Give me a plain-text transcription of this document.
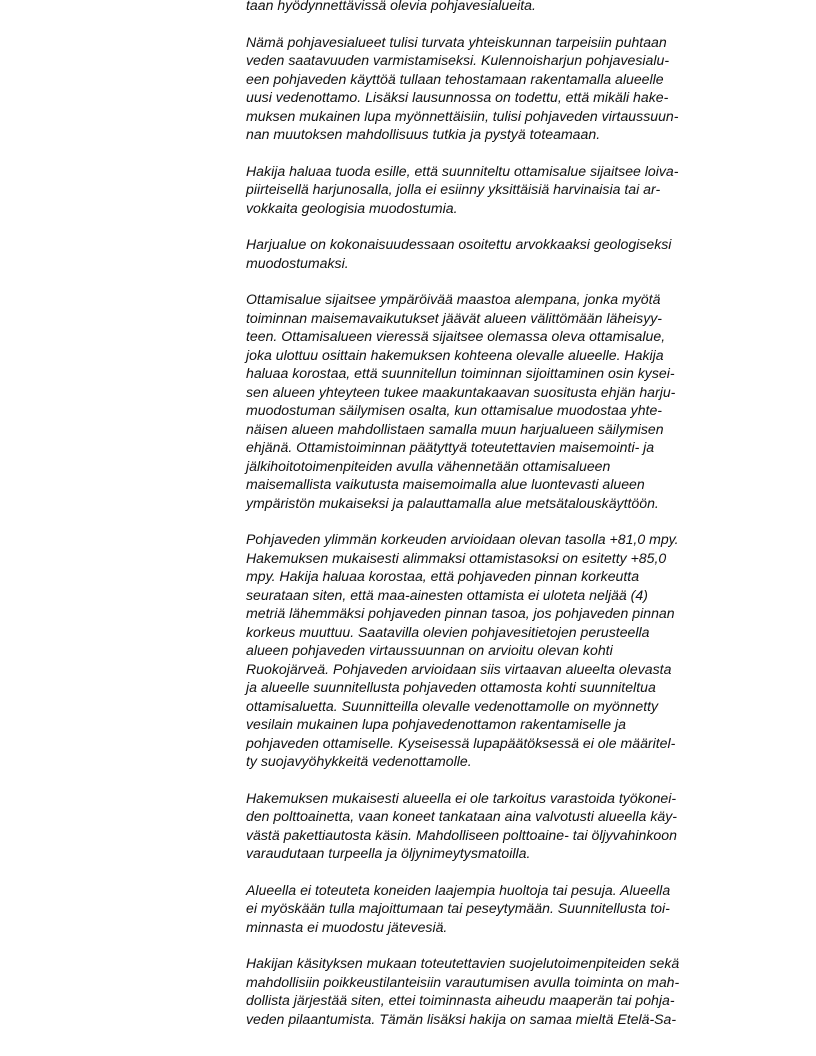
taan hyödynnettävissä olevia pohjavesialueita.
Nämä pohjavesialueet tulisi turvata yhteiskunnan tarpeisiin puhtaan
veden saatavuuden varmistamiseksi. Kulennoisharjun pohjavesialu-
een pohjaveden käyttöä tullaan tehostamaan rakentamalla alueelle
uusi vedenottamo. Lisäksi lausunnossa on todettu, että mikäli hake-
muksen mukainen lupa myönnettäisiin, tulisi pohjaveden virtaussuun-
nan muutoksen mahdollisuus tutkia ja pystyä toteamaan.
Hakija haluaa tuoda esille, että suunniteltu ottamisalue sijaitsee loiva-
piirteisellä harjunosalla, jolla ei esiinny yksittäisiä harvinaisia tai ar-
vokkaita geologisia muodostumia.
Harjualue on kokonaisuudessaan osoitettu arvokkaaksi geologiseksi
muodostumaksi.
Ottamisalue sijaitsee ympäröivää maastoa alempana, jonka myötä
toiminnan maisemavaikutukset jäävät alueen välittömään läheisyy-
teen. Ottamisalueen vieressä sijaitsee olemassa oleva ottamisalue,
joka ulottuu osittain hakemuksen kohteena olevalle alueelle. Hakija
haluaa korostaa, että suunnitellun toiminnan sijoittaminen osin kysei-
sen alueen yhteyteen tukee maakuntakaavan suositusta ehjän harju-
muodostuman säilymisen osalta, kun ottamisalue muodostaa yhte-
näisen alueen mahdollistaen samalla muun harjualueen säilymisen
ehjänä. Ottamistoiminnan päätyttyä toteutettavien maisemointi- ja
jälkihoitotoimenpiteiden avulla vähennetään ottamisalueen
maisemallista vaikutusta maisemoimalla alue luontevasti alueen
ympäristön mukaiseksi ja palauttamalla alue metsätalouskäyttöön.
Pohjaveden ylimmän korkeuden arvioidaan olevan tasolla +81,0 mpy.
Hakemuksen mukaisesti alimmaksi ottamistasoksi on esitetty +85,0
mpy. Hakija haluaa korostaa, että pohjaveden pinnan korkeutta
seurataan siten, että maa-ainesten ottamista ei uloteta neljää (4)
metriä lähemmäksi pohjaveden pinnan tasoa, jos pohjaveden pinnan
korkeus muuttuu. Saatavilla olevien pohjavesitietojen perusteella
alueen pohjaveden virtaussuunnan on arvioitu olevan kohti
Ruokojärveä. Pohjaveden arvioidaan siis virtaavan alueelta olevasta
ja alueelle suunnitellusta pohjaveden ottamosta kohti suunniteltua
ottamisaluetta. Suunnitteilla olevalle vedenottamolle on myönnetty
vesilain mukainen lupa pohjavedenottamon rakentamiselle ja
pohjaveden ottamiselle. Kyseisessä lupapäätöksessä ei ole määritel-
ty suojavyöhykkeitä vedenottamolle.
Hakemuksen mukaisesti alueella ei ole tarkoitus varastoida työkonei-
den polttoainetta, vaan koneet tankataan aina valvotusti alueella käy-
västä pakettiautosta käsin. Mahdolliseen polttoaine- tai öljyvahinkoon
varaudutaan turpeella ja öljynimeytysmatoilla.
Alueella ei toteuteta koneiden laajempia huoltoja tai pesuja. Alueella
ei myöskään tulla majoittumaan tai peseytymään. Suunnitellusta toi-
minnasta ei muodostu jätevesiä.
Hakijan käsityksen mukaan toteutettavien suojelutoimenpiteiden sekä
mahdollisiin poikkeustilanteisiin varautumisen avulla toiminta on mah-
dollista järjestää siten, ettei toiminnasta aiheudu maaperän tai pohja-
veden pilaantumista. Tämän lisäksi hakija on samaa mieltä Etelä-Sa-
